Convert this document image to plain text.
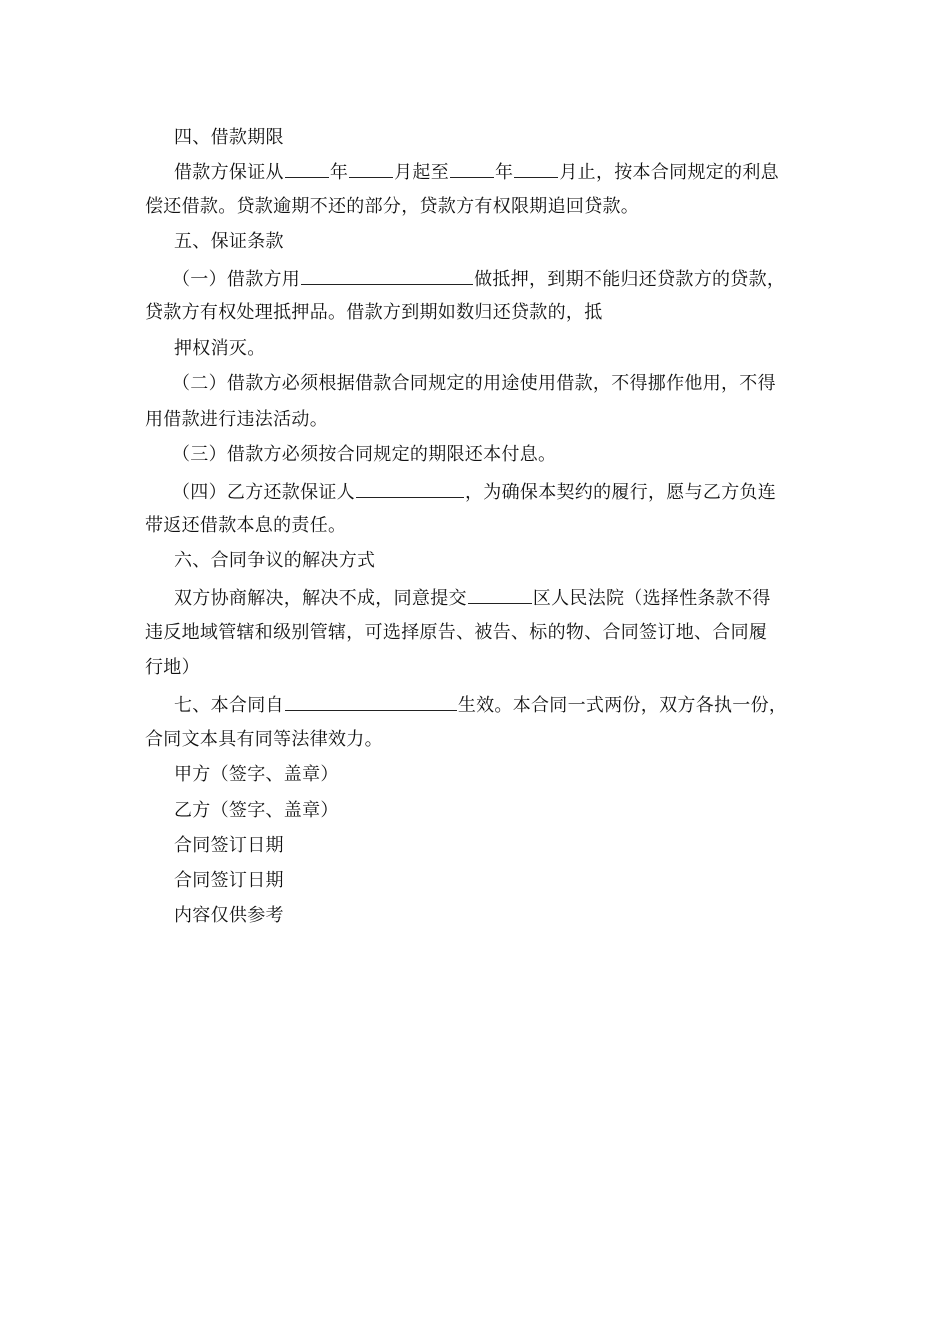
四、借款期限
借款方保证从	年	月起至	年	月止，按本合同规定的利息
偿还借款。贷款逾期不还的部分，贷款方有权限期追回贷款。
五、保证条款
（一）借款方用	做抵押，到期不能归还贷款方的贷款，
贷款方有权处理抵押品。借款方到期如数归还贷款的，抵
押权消灭。
（二）借款方必须根据借款合同规定的用途使用借款，不得挪作他用，不得
用借款进行违法活动。
（三）借款方必须按合同规定的期限还本付息。
（四）乙方还款保证人	，为确保本契约的履行，愿与乙方负连
带返还借款本息的责任。
六、合同争议的解决方式
双方协商解决，解决不成，同意提交	区人民法院（选择性条款不得
违反地域管辖和级别管辖，可选择原告、被告、标的物、合同签订地、合同履
行地）
七、本合同自	生效。本合同一式两份，双方各执一份，
合同文本具有同等法律效力。
甲方（签字、盖章）
乙方（签字、盖章）
合同签订日期
合同签订日期
内容仅供参考
